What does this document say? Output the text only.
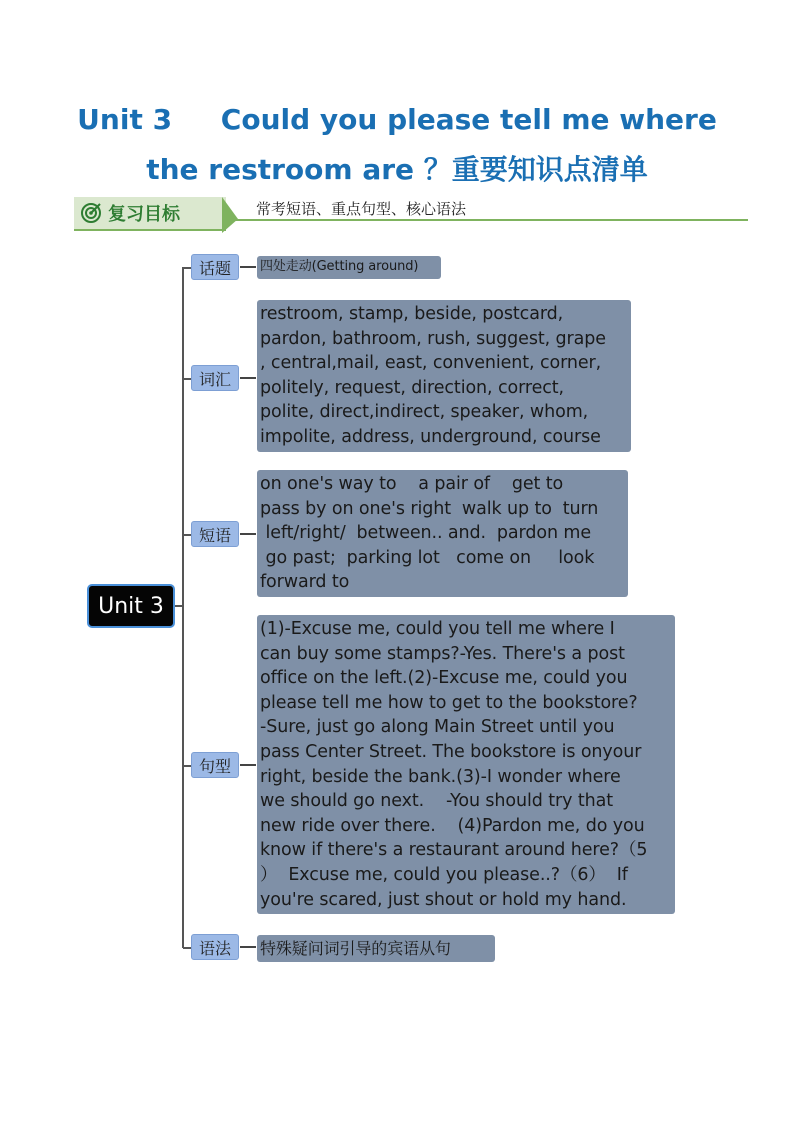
Unit 3     Could you please tell me where
the restroom are ？重要知识点清单
复习目标	常考短语、重点句型、核心语法
Unit 3
话题	四处走动(Getting around)
词汇
restroom, stamp, beside, postcard,
pardon, bathroom, rush, suggest, grape
, central,mail, east, convenient, corner,
politely, request, direction, correct,
polite, direct,indirect, speaker, whom,
impolite, address, underground, course
短语
on one's way to    a pair of    get to
pass by on one's right  walk up to  turn
left/right/  between.. and.  pardon me
go past;  parking lot   come on     look
forward to
句型
(1)-Excuse me, could you tell me where I
can buy some stamps?-Yes. There's a post
office on the left.(2)-Excuse me, could you
please tell me how to get to the bookstore?
-Sure, just go along Main Street until you
pass Center Street. The bookstore is onyour
right, beside the bank.(3)-I wonder where
we should go next.    -You should try that
new ride over there.    (4)Pardon me, do you
know if there's a restaurant around here?（5
）  Excuse me, could you please..?（6）  If
you're scared, just shout or hold my hand.
语法	特殊疑问词引导的宾语从句
